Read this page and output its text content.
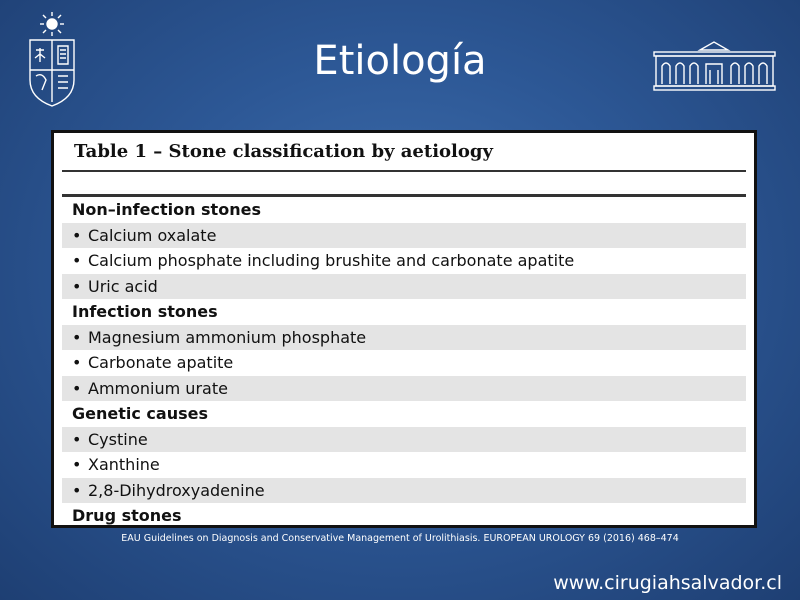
Etiología
Table 1 – Stone classification by aetiology
Non–infection stones
• Calcium oxalate
• Calcium phosphate including brushite and carbonate apatite
• Uric acid
Infection stones
• Magnesium ammonium phosphate
• Carbonate apatite
• Ammonium urate
Genetic causes
• Cystine
• Xanthine
• 2,8-Dihydroxyadenine
Drug stones
EAU Guidelines on Diagnosis and Conservative Management of Urolithiasis. EUROPEAN UROLOGY 69 (2016) 468–474
www.cirugiahsalvador.cl
